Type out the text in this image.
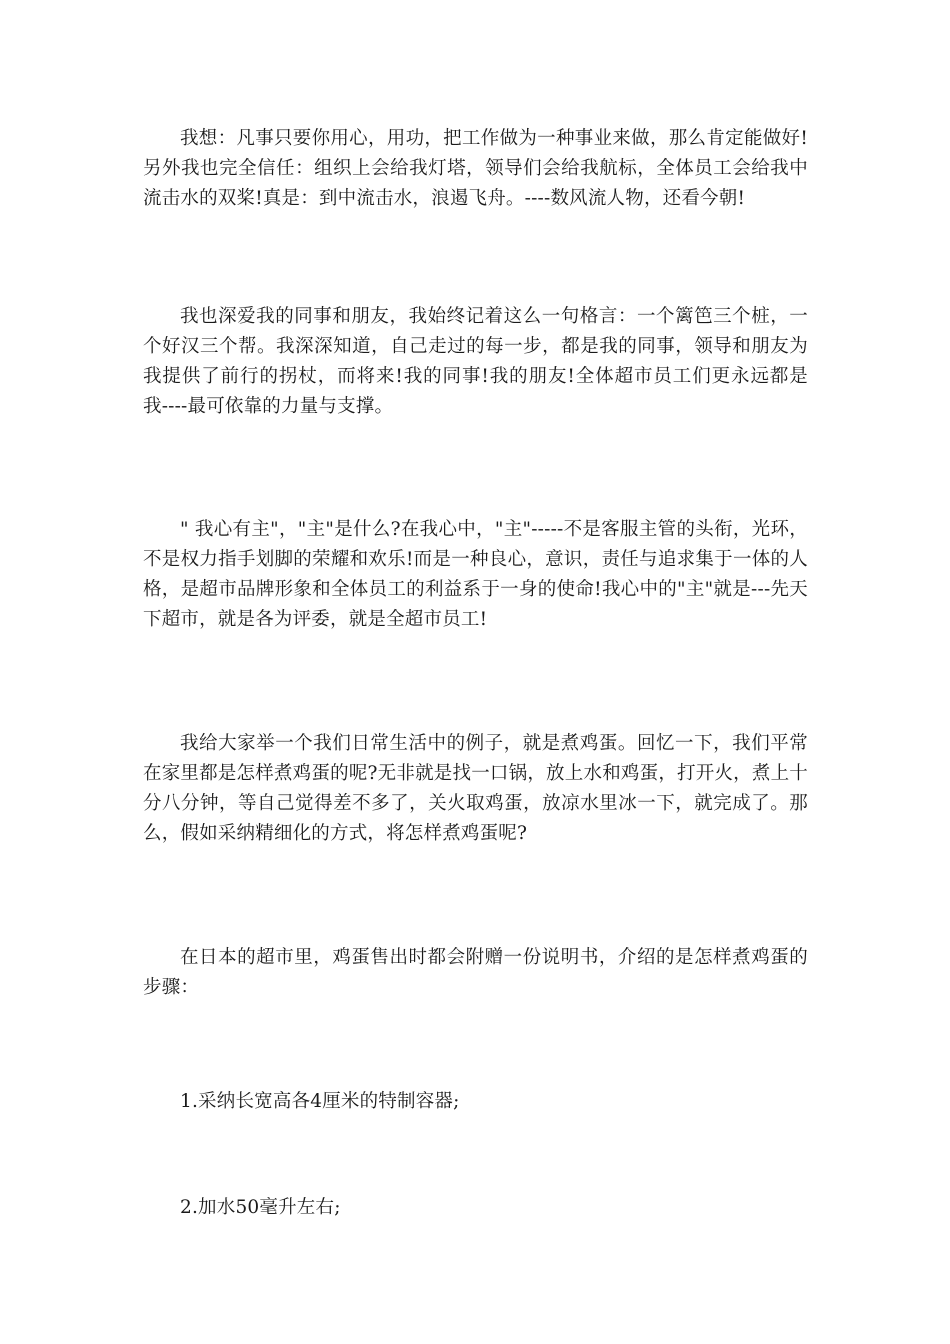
我想：凡事只要你用心，用功，把工作做为一种事业来做，那么肯定能做好!另外我也完全信任：组织上会给我灯塔，领导们会给我航标，全体员工会给我中流击水的双桨!真是：到中流击水，浪遏飞舟。----数风流人物，还看今朝!

我也深爱我的同事和朋友，我始终记着这么一句格言：一个篱笆三个桩，一个好汉三个帮。我深深知道，自己走过的每一步，都是我的同事，领导和朋友为我提供了前行的拐杖，而将来!我的同事!我的朋友!全体超市员工们更永远都是我----最可依靠的力量与支撑。

" 我心有主"，"主"是什么?在我心中，"主"-----不是客服主管的头衔，光环，不是权力指手划脚的荣耀和欢乐!而是一种良心，意识，责任与追求集于一体的人格，是超市品牌形象和全体员工的利益系于一身的使命!我心中的"主"就是---先天下超市，就是各为评委，就是全超市员工!

我给大家举一个我们日常生活中的例子，就是煮鸡蛋。回忆一下，我们平常在家里都是怎样煮鸡蛋的呢?无非就是找一口锅，放上水和鸡蛋，打开火，煮上十分八分钟，等自己觉得差不多了，关火取鸡蛋，放凉水里冰一下，就完成了。那么，假如采纳精细化的方式，将怎样煮鸡蛋呢?

在日本的超市里，鸡蛋售出时都会附赠一份说明书，介绍的是怎样煮鸡蛋的步骤：

1.采纳长宽高各4厘米的特制容器;

2.加水50毫升左右;
